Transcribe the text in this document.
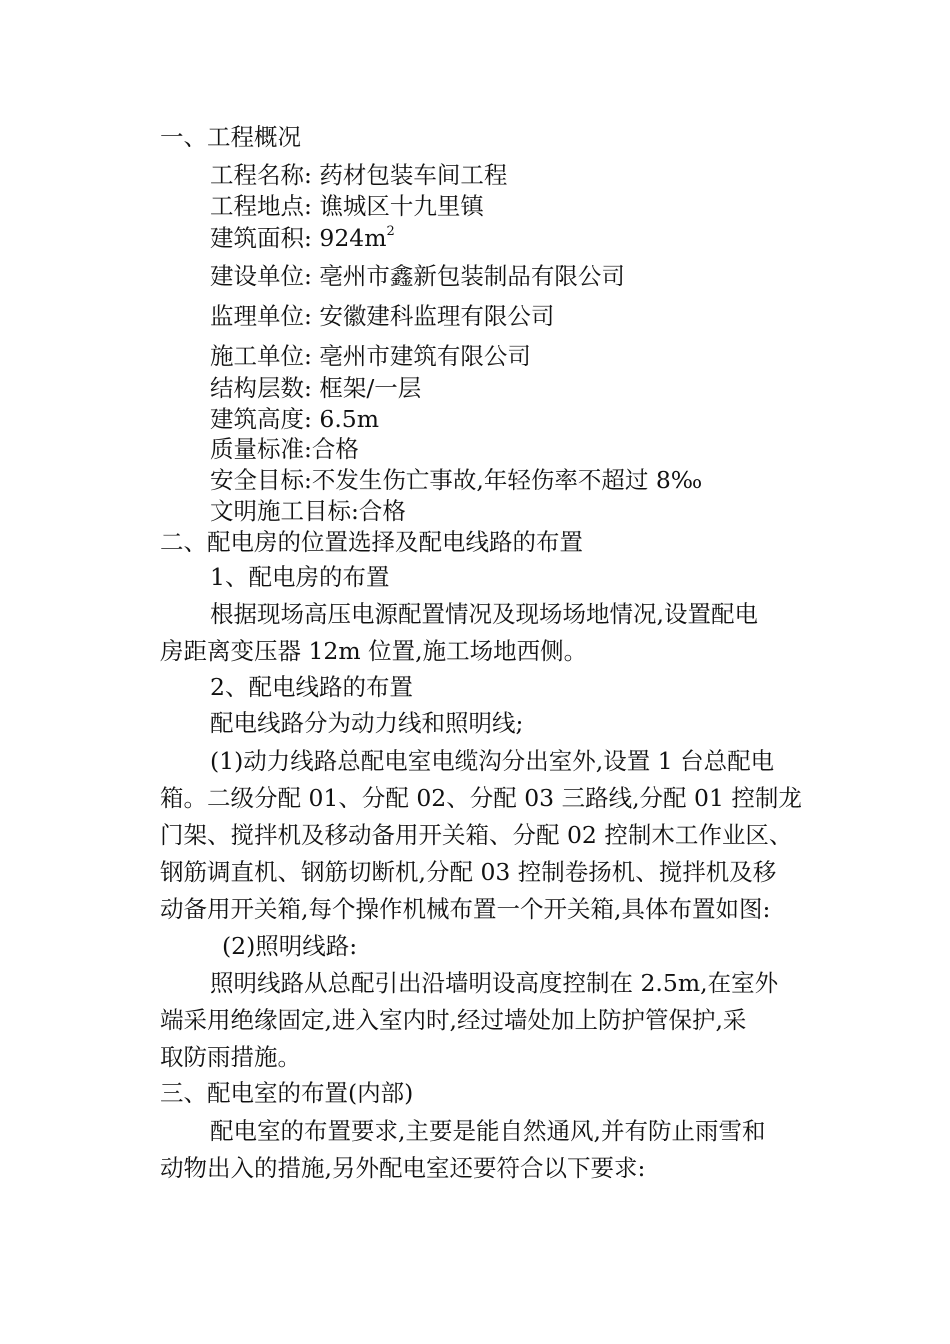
一、工程概况
工程名称: 药材包装车间工程
工程地点: 谯城区十九里镇
建筑面积: $924m^2$
建设单位: 亳州市鑫新包装制品有限公司
监理单位: 安徽建科监理有限公司
施工单位: 亳州市建筑有限公司
结构层数: 框架/一层
建筑高度: 6.5m
质量标准:合格
安全目标:不发生伤亡事故,年轻伤率不超过 8‰
文明施工目标:合格
二、配电房的位置选择及配电线路的布置
1、配电房的布置
根据现场高压电源配置情况及现场场地情况,设置配电
房距离变压器 12m 位置,施工场地西侧。
2、配电线路的布置
配电线路分为动力线和照明线;
(1)动力线路总配电室电缆沟分出室外,设置 1 台总配电
箱。二级分配 01、分配 02、分配 03 三路线,分配 01 控制龙
门架、搅拌机及移动备用开关箱、分配 02 控制木工作业区、
钢筋调直机、钢筋切断机,分配 03 控制卷扬机、搅拌机及移
动备用开关箱,每个操作机械布置一个开关箱,具体布置如图:
(2)照明线路:
照明线路从总配引出沿墙明设高度控制在 2.5m,在室外
端采用绝缘固定,进入室内时,经过墙处加上防护管保护,采
取防雨措施。
三、配电室的布置(内部)
配电室的布置要求,主要是能自然通风,并有防止雨雪和
动物出入的措施,另外配电室还要符合以下要求:
